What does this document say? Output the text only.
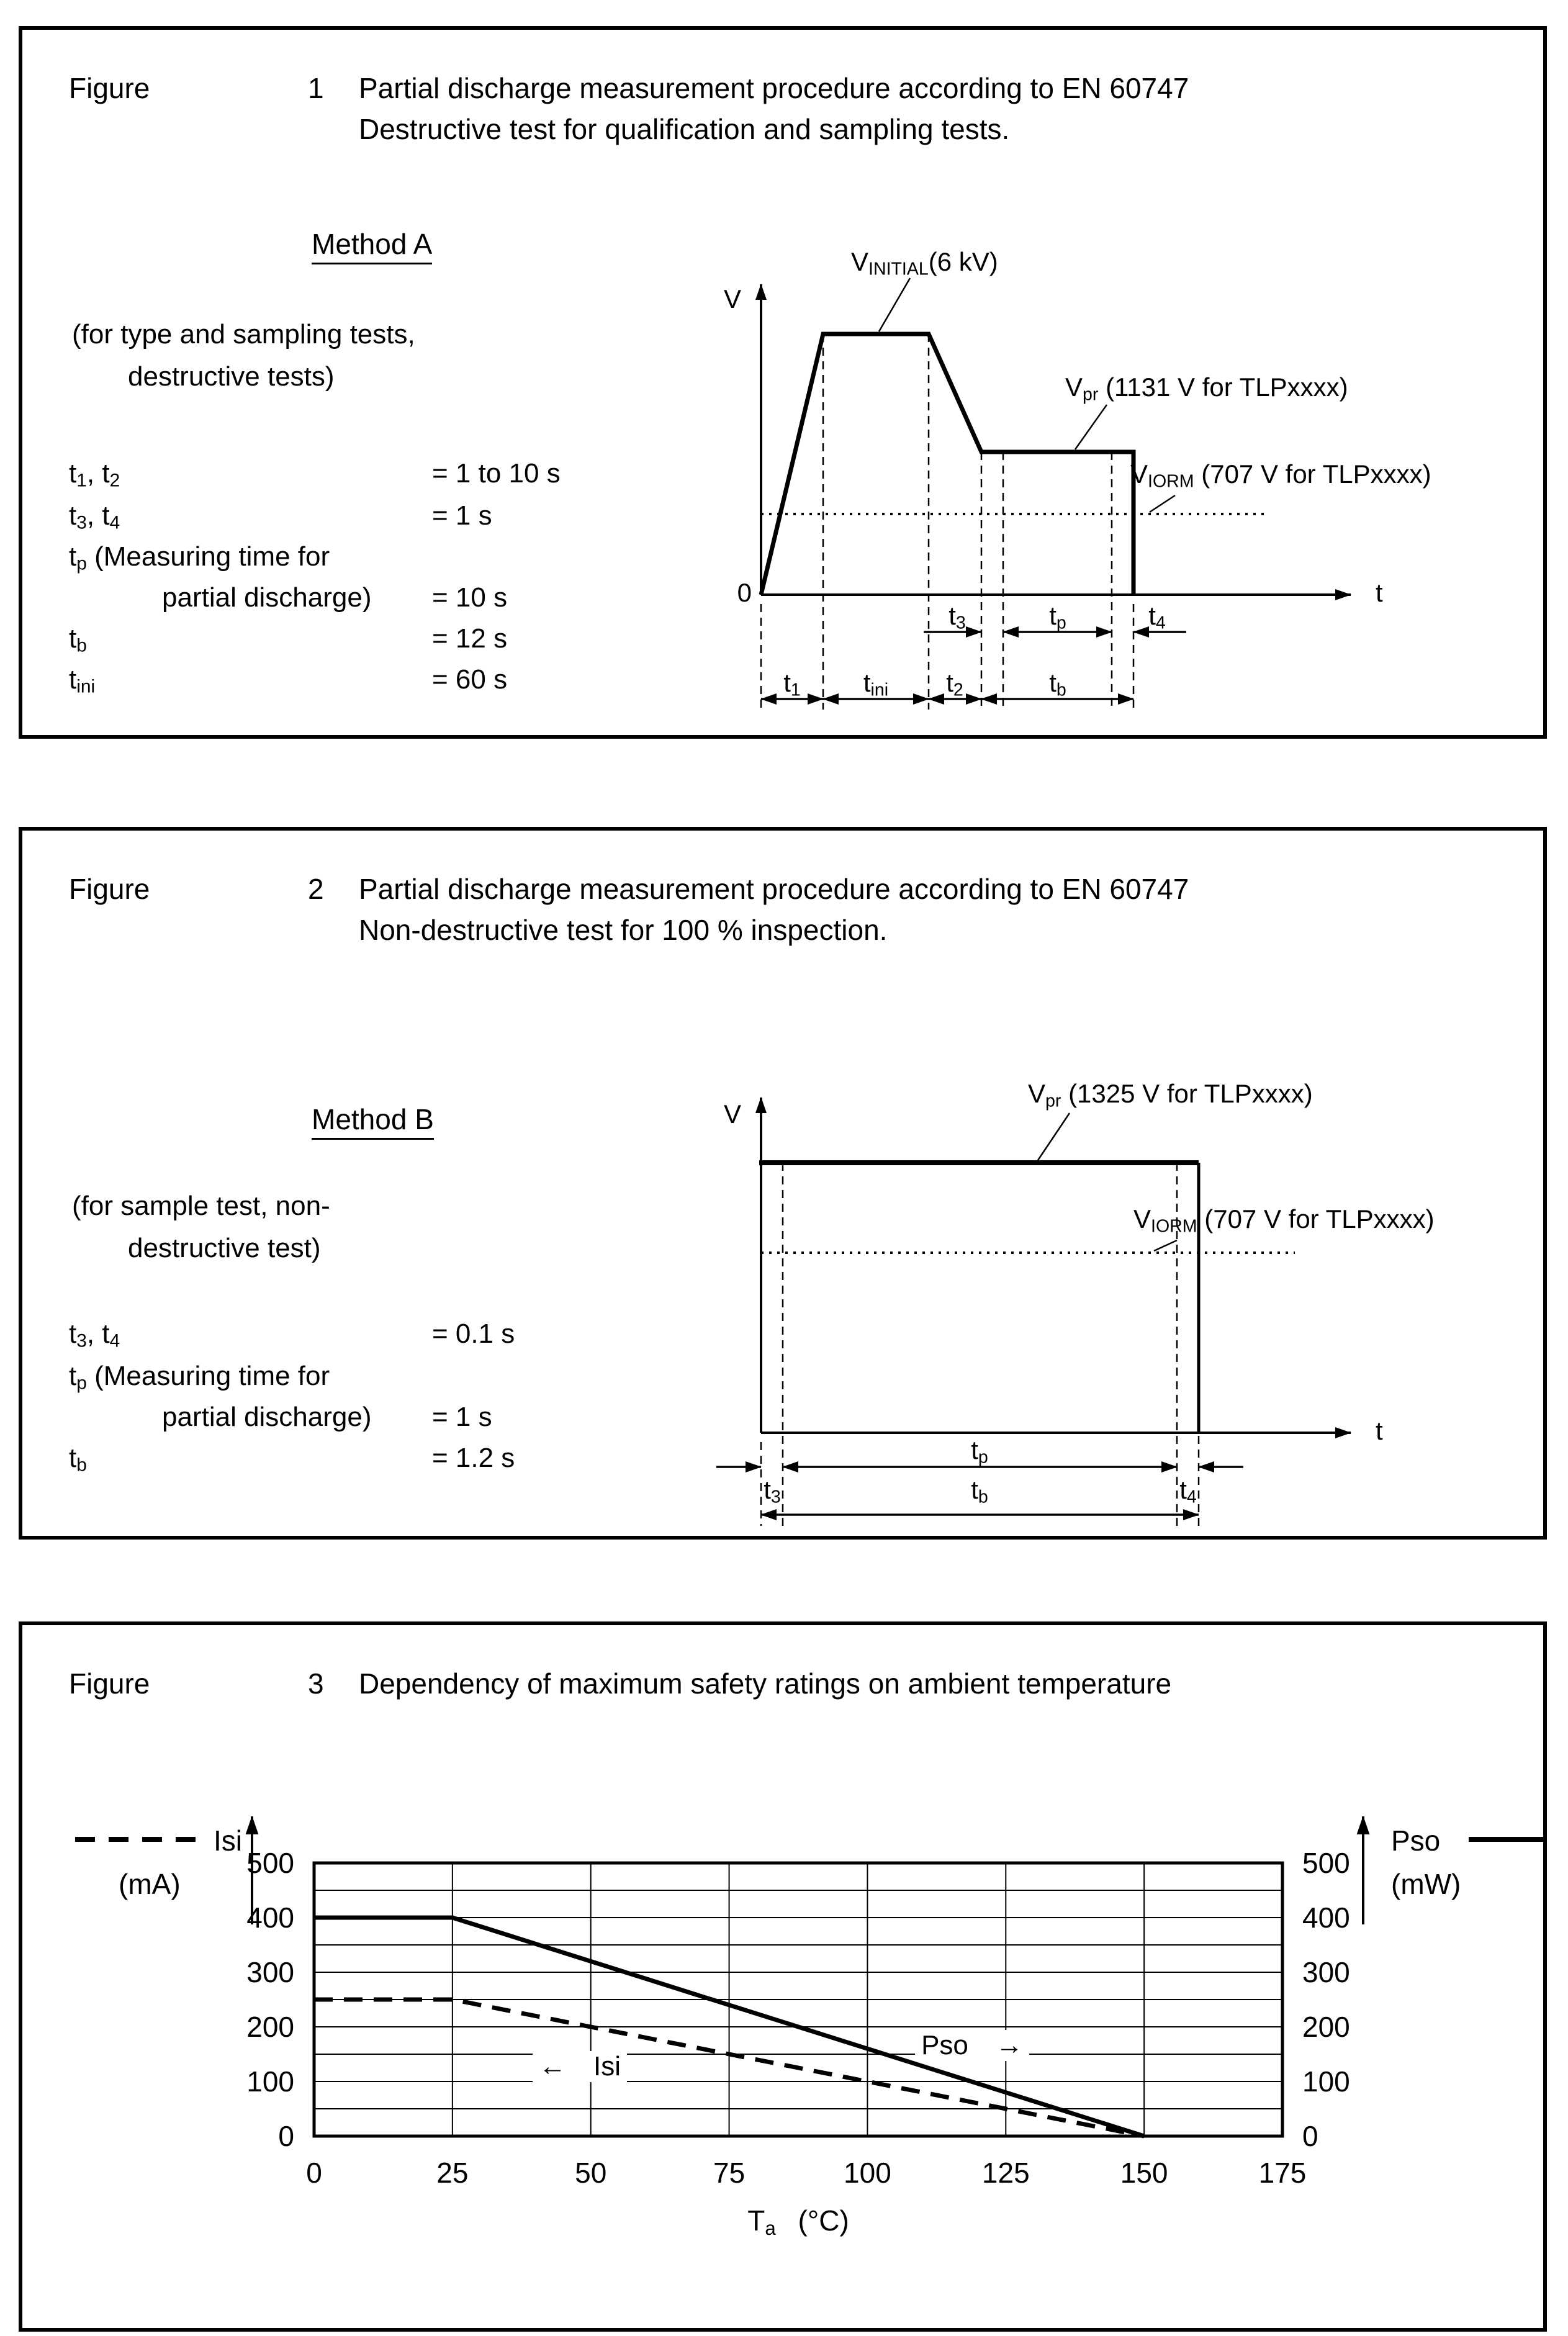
Figure	1 Partial discharge measurement procedure according to EN 60747
Destructive test for qualification and sampling tests.
Method A
(for type and sampling tests,
destructive tests)
$t_1$, $t_2$	= 1 to 10 s
$t_3$, $t_4$	= 1 s
$t_p$ (Measuring time for
partial discharge) = 10 s
$t_b$	= 12 s
$t_{ini}$	= 60 s
V
0	t
$V_{INITIAL}(6$ kV)
$V_{pr}$ (1131 V for TLPxxxx)
$V_{IORM}$ (707 V for TLPxxxx)
$t_3$	$t_p$	$t_4$
$t_1$ $t_{ini}$ $t_2$	$t_b$
Figure	2 Partial discharge measurement procedure according to EN 60747
Non-destructive test for 100 % inspection.
Method B
(for sample test, non-
destructive test)
$t_3$, $t_4$	= 0.1 s
$t_p$ (Measuring time for
partial discharge) = 1 s
$t_b$	= 1.2 s
V
t
$V_{pr}$ (1325 V for TLPxxxx)
$V_{IORM}$ (707 V for TLPxxxx)
$t_p$
$t_3$	$t_b$	$t_4$
Figure	3 Dependency of maximum safety ratings on ambient temperature
500
400
300
200
100
0
500
400
300
200
100
0
0	25	50	75	100	125	150	175
Isi
(mA)
Pso
(mW)
←  Isi
Pso  →
$T_a$  (°C)
